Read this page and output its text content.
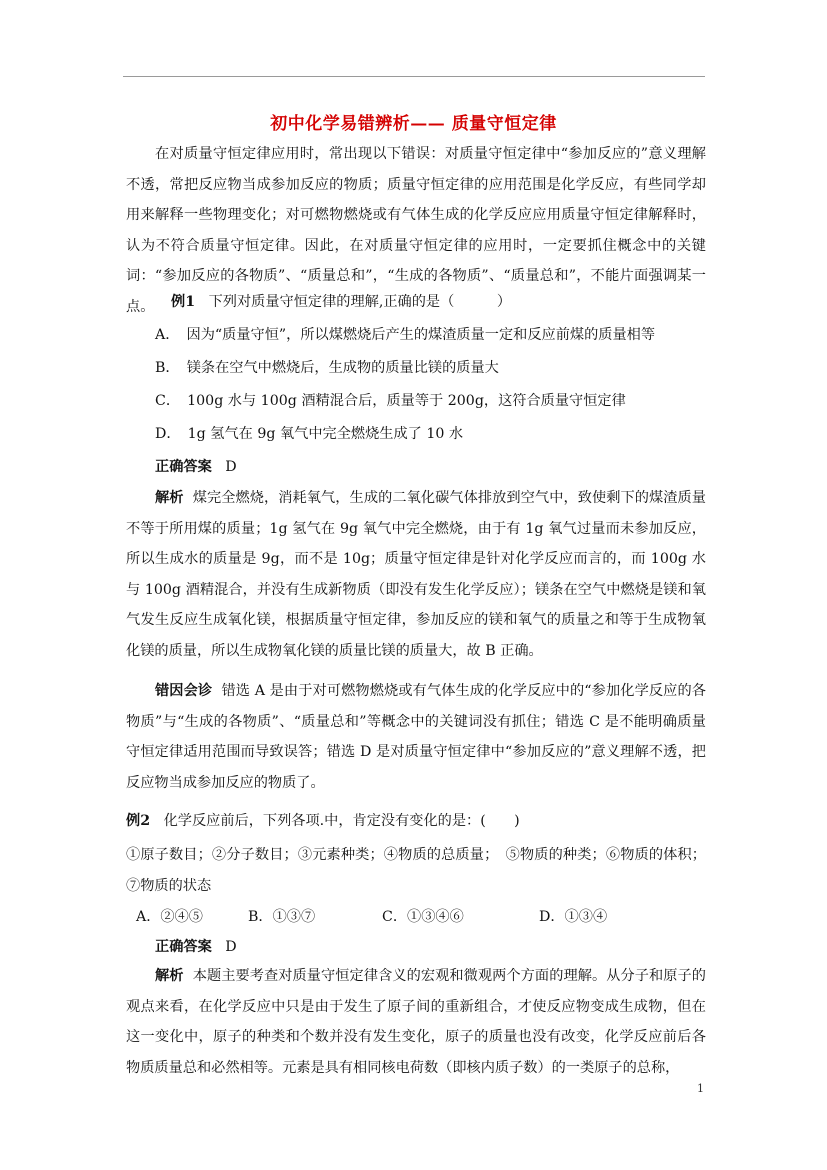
初中化学易错辨析—— 质量守恒定律

在对质量守恒定律应用时，常出现以下错误：对质量守恒定律中“参加反应的”意义理解不透，常把反应物当成参加反应的物质；质量守恒定律的应用范围是化学反应，有些同学却用来解释一些物理变化；对可燃物燃烧或有气体生成的化学反应应用质量守恒定律解释时，认为不符合质量守恒定律。因此，在对质量守恒定律的应用时，一定要抓住概念中的关键词：“参加反应的各物质”、“质量总和”，“生成的各物质”、“质量总和”，不能片面强调某一点。	例1 下列对质量守恒定律的理解,正确的是（　　　）
A．　因为“质量守恒”，所以煤燃烧后产生的煤渣质量一定和反应前煤的质量相等
B．　镁条在空气中燃烧后，生成物的质量比镁的质量大
C．　100g 水与 100g 酒精混合后，质量等于 200g，这符合质量守恒定律
D．　1g 氢气在 9g 氧气中完全燃烧生成了 10 水
正确答案 D

解析 煤完全燃烧，消耗氧气，生成的二氧化碳气体排放到空气中，致使剩下的煤渣质量不等于所用煤的质量；1g 氢气在 9g 氧气中完全燃烧，由于有 1g 氧气过量而未参加反应，所以生成水的质量是 9g，而不是 10g；质量守恒定律是针对化学反应而言的，而 100g 水与 100g 酒精混合，并没有生成新物质（即没有发生化学反应）；镁条在空气中燃烧是镁和氧气发生反应生成氧化镁，根据质量守恒定律，参加反应的镁和氧气的质量之和等于生成物氧化镁的质量，所以生成物氧化镁的质量比镁的质量大，故 B 正确。

错因会诊 错选 A 是由于对可燃物燃烧或有气体生成的化学反应中的“参加化学反应的各物质”与“生成的各物质”、“质量总和”等概念中的关键词没有抓住；错选 C 是不能明确质量守恒定律适用范围而导致误答；错选 D 是对质量守恒定律中“参加反应的”意义理解不透，把反应物当成参加反应的物质了。

例2 化学反应前后，下列各项.中，肯定没有变化的是：(　　)

①原子数目；②分子数目；③元素种类；④物质的总质量；　⑤物质的种类；⑥物质的体积；⑦物质的状态

A．②④⑤	B．①③⑦	C．①③④⑥	D．①③④
正确答案 D

解析 本题主要考查对质量守恒定律含义的宏观和微观两个方面的理解。从分子和原子的观点来看，在化学反应中只是由于发生了原子间的重新组合，才使反应物变成生成物，但在这一变化中，原子的种类和个数并没有发生变化，原子的质量也没有改变，化学反应前后各物质质量总和必然相等。元素是具有相同核电荷数（即核内质子数）的一类原子的总称，

1
